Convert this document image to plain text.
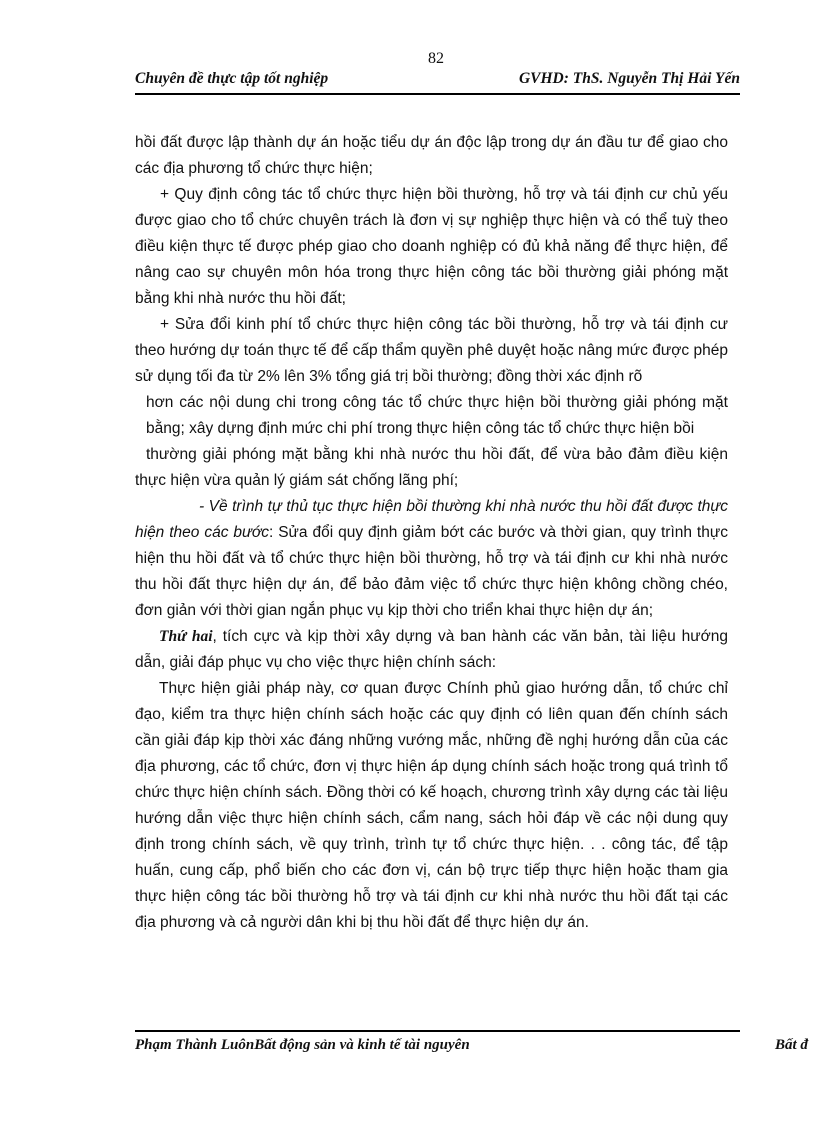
82
Chuyên đề thực tập tốt nghiệp	GVHD: ThS. Nguyễn Thị Hải Yến

hồi đất được lập thành dự án hoặc tiểu dự án độc lập trong dự án đầu tư để giao cho các địa phương tổ chức thực hiện;

+ Quy định công tác tổ chức thực hiện bồi thường, hỗ trợ và tái định cư chủ yếu được giao cho tổ chức chuyên trách là đơn vị sự nghiệp thực hiện và có thể tuỳ theo điều kiện thực tế được phép giao cho doanh nghiệp có đủ khả năng để thực hiện, để nâng cao sự chuyên môn hóa trong thực hiện công tác bồi thường giải phóng mặt bằng khi nhà nước thu hồi đất;

+ Sửa đổi kinh phí tổ chức thực hiện công tác bồi thường, hỗ trợ và tái định cư theo hướng dự toán thực tế để cấp thẩm quyền phê duyệt hoặc nâng mức được phép sử dụng tối đa từ 2% lên 3% tổng giá trị bồi thường; đồng thời xác định rõ

hơn các nội dung chi trong công tác tổ chức thực hiện bồi thường giải phóng mặt bằng; xây dựng định mức chi phí trong thực hiện công tác tổ chức thực hiện bồi

thường giải phóng mặt bằng khi nhà nước thu hồi đất, để vừa bảo đảm điều kiện thực hiện vừa quản lý giám sát chống lãng phí;

- Về trình tự thủ tục thực hiện bồi thường khi nhà nước thu hồi đất được thực hiện theo các bước: Sửa đổi quy định giảm bớt các bước và thời gian, quy trình thực hiện thu hồi đất và tổ chức thực hiện bồi thường, hỗ trợ và tái định cư khi nhà nước thu hồi đất thực hiện dự án, để bảo đảm việc tổ chức thực hiện không chồng chéo, đơn giản với thời gian ngắn phục vụ kịp thời cho triển khai thực hiện dự án;

Thứ hai, tích cực và kịp thời xây dựng và ban hành các văn bản, tài liệu hướng dẫn, giải đáp phục vụ cho việc thực hiện chính sách:

Thực hiện giải pháp này, cơ quan được Chính phủ giao hướng dẫn, tổ chức chỉ đạo, kiểm tra thực hiện chính sách hoặc các quy định có liên quan đến chính sách cần giải đáp kịp thời xác đáng những vướng mắc, những đề nghị hướng dẫn của các địa phương, các tổ chức, đơn vị thực hiện áp dụng chính sách hoặc trong quá trình tổ chức thực hiện chính sách. Đồng thời có kế hoạch, chương trình xây dựng các tài liệu hướng dẫn việc thực hiện chính sách, cẩm nang, sách hỏi đáp về các nội dung quy định trong chính sách, về quy trình, trình tự tổ chức thực hiện. . . công tác, để tập huấn, cung cấp, phổ biến cho các đơn vị, cán bộ trực tiếp thực hiện hoặc tham gia thực hiện công tác bồi thường hỗ trợ và tái định cư khi nhà nước thu hồi đất tại các địa phương và cả người dân khi bị thu hồi đất để thực hiện dự án.

Phạm Thành LuônBất động sản và kinh tế tài nguyên	Bất đ
